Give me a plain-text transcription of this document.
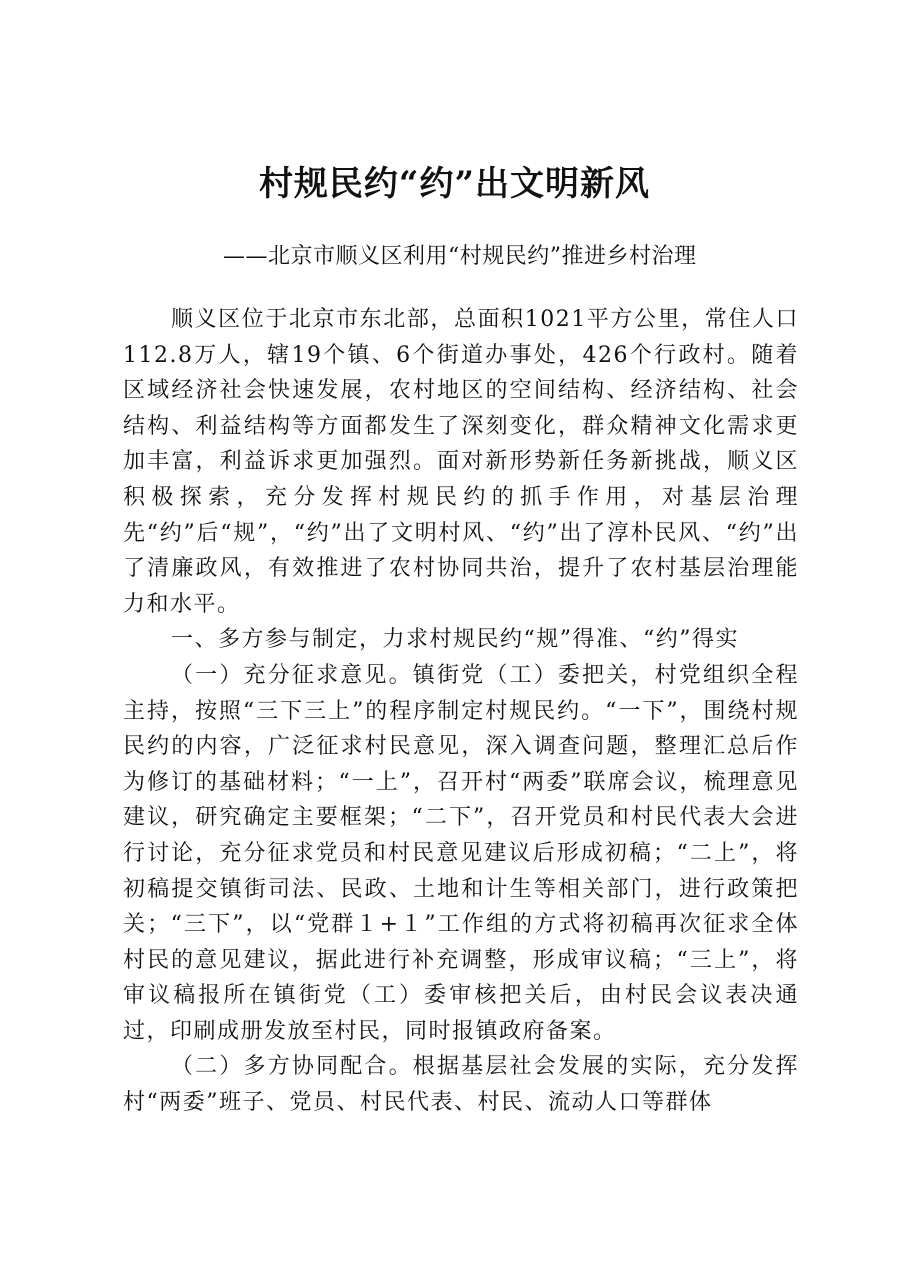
村规民约“约”出文明新风
——北京市顺义区利用“村规民约”推进乡村治理

顺义区位于北京市东北部，总面积1021平方公里，常住人口112.8万人，辖19个镇、6个街道办事处，426个行政村。随着区域经济社会快速发展，农村地区的空间结构、经济结构、社会结构、利益结构等方面都发生了深刻变化，群众精神文化需求更加丰富，利益诉求更加强烈。面对新形势新任务新挑战，顺义区积极探索，充分发挥村规民约的抓手作用，对基层治理先“约”后“规”，“约”出了文明村风、“约”出了淳朴民风、“约”出了清廉政风，有效推进了农村协同共治，提升了农村基层治理能力和水平。

一、多方参与制定，力求村规民约“规”得准、“约”得实

（一）充分征求意见。镇街党（工）委把关，村党组织全程主持，按照“三下三上”的程序制定村规民约。“一下”，围绕村规民约的内容，广泛征求村民意见，深入调查问题，整理汇总后作为修订的基础材料；“一上”，召开村“两委”联席会议，梳理意见建议，研究确定主要框架；“二下”，召开党员和村民代表大会进行讨论，充分征求党员和村民意见建议后形成初稿；“二上”，将初稿提交镇街司法、民政、土地和计生等相关部门，进行政策把关；“三下”，以“党群１+１”工作组的方式将初稿再次征求全体村民的意见建议，据此进行补充调整，形成审议稿；“三上”，将审议稿报所在镇街党（工）委审核把关后，由村民会议表决通过，印刷成册发放至村民，同时报镇政府备案。

（二）多方协同配合。根据基层社会发展的实际，充分发挥村“两委”班子、党员、村民代表、村民、流动人口等群体
